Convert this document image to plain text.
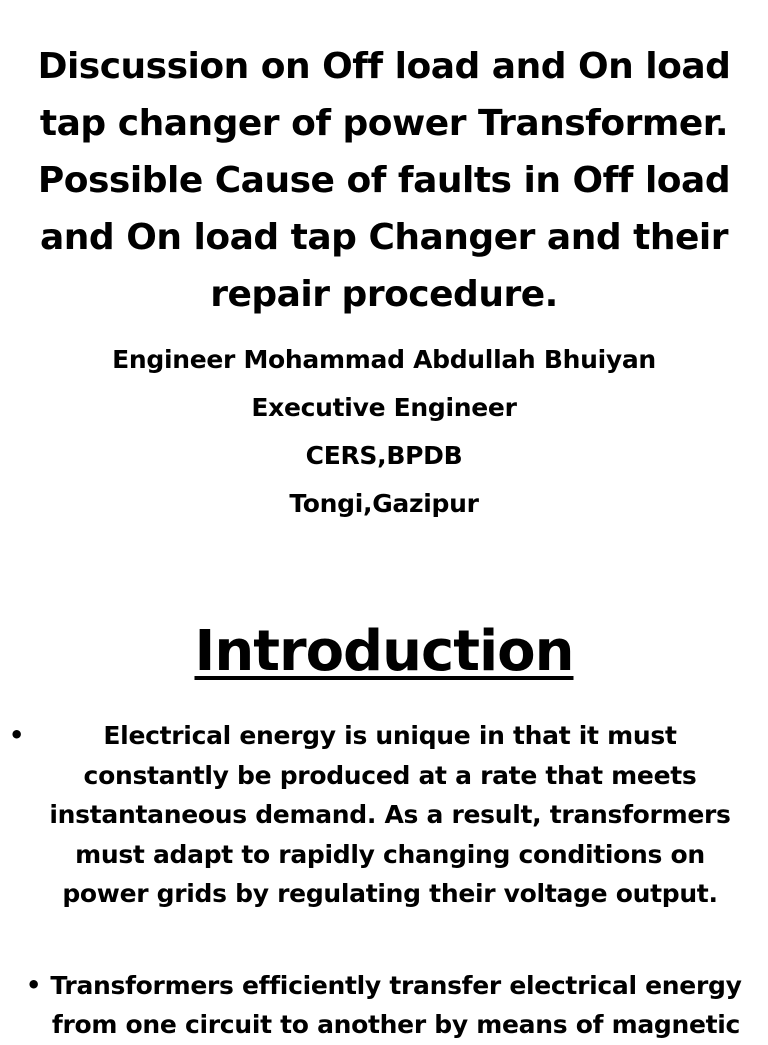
Discussion on Off load and On load tap changer of power Transformer. Possible Cause of faults in Off load and On load tap Changer and their repair procedure.
Engineer Mohammad Abdullah Bhuiyan
Executive Engineer
CERS,BPDB
Tongi,Gazipur
Introduction
•	Electrical energy is unique in that it must constantly be produced at a rate that meets instantaneous demand. As a result, transformers must adapt to rapidly changing conditions on power grids by regulating their voltage output.
• Transformers efficiently transfer electrical energy from one circuit to another by means of magnetic
